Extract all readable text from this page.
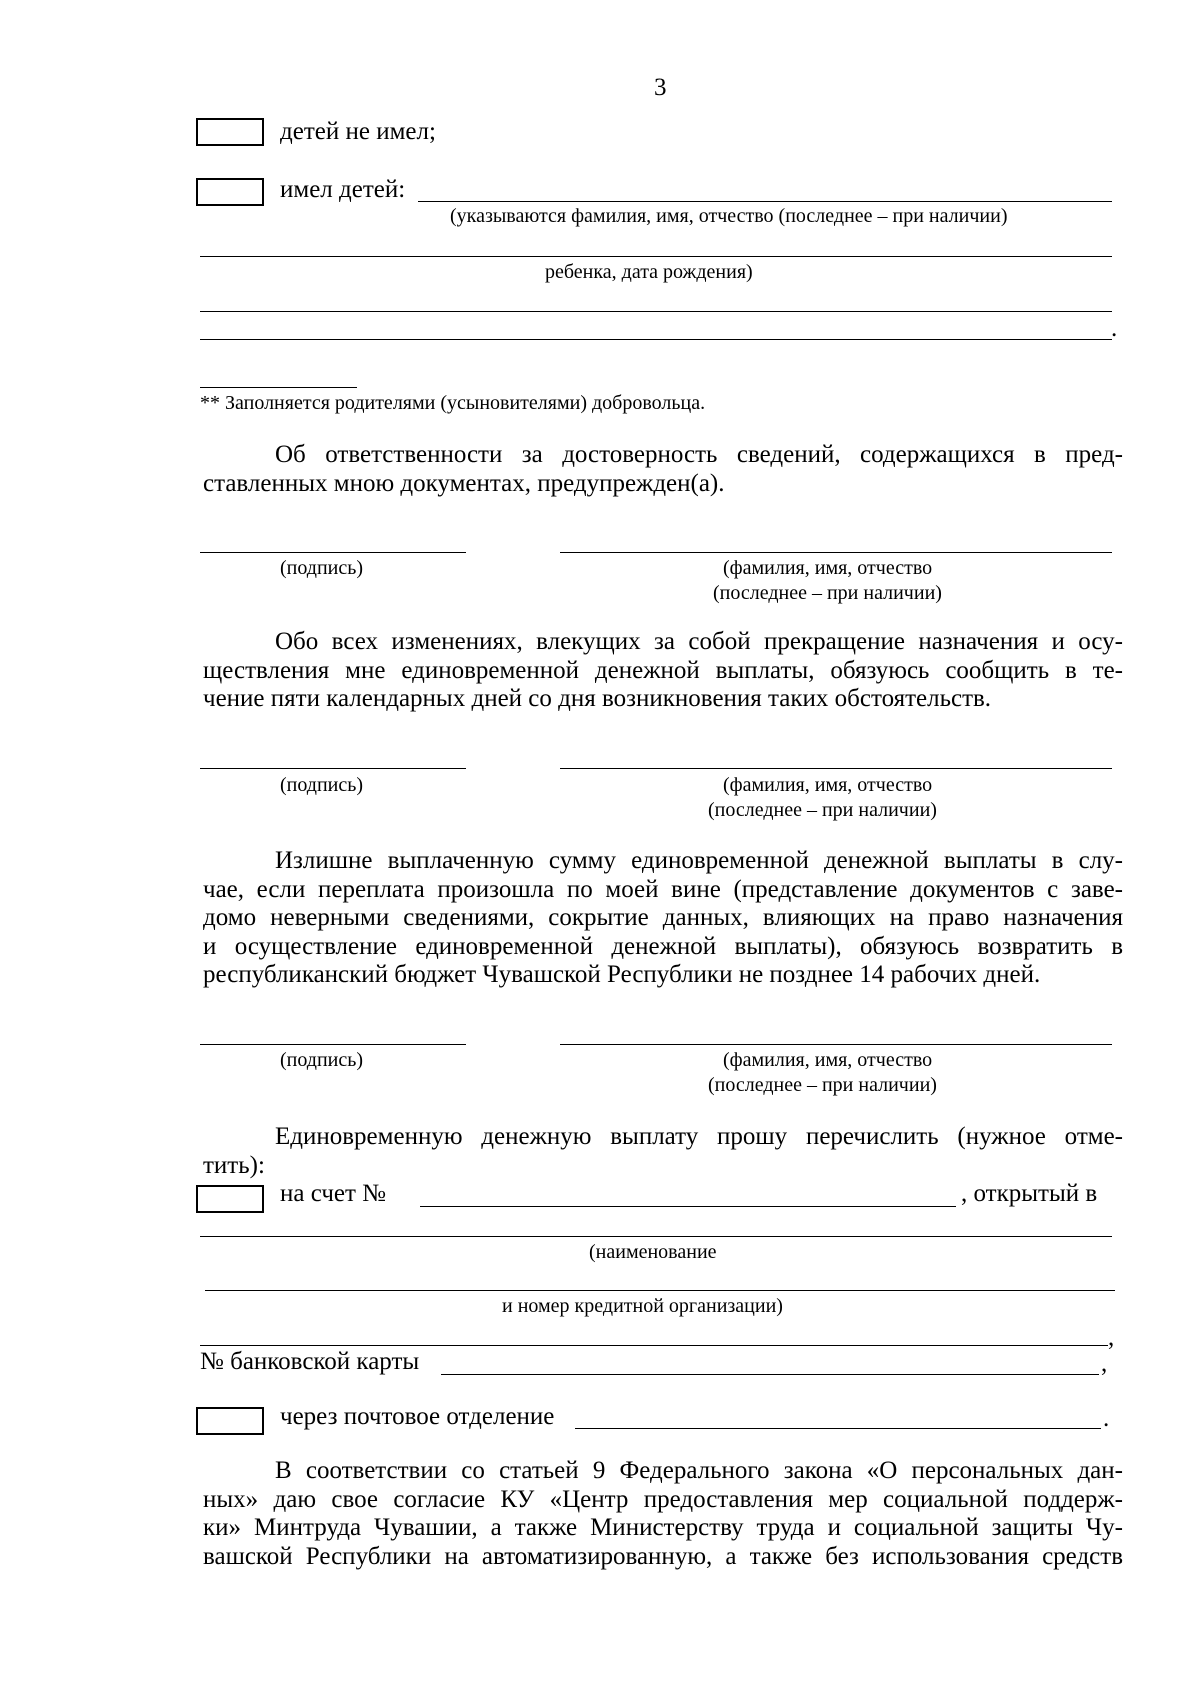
3
детей не имел;
имел детей:
(указываются фамилия, имя, отчество (последнее – при наличии)
ребенка, дата рождения)
.
** Заполняется родителями (усыновителями) добровольца.
Об ответственности за достоверность сведений, содержащихся в пред-
ставленных мною документах, предупрежден(а).
(подпись)	(фамилия, имя, отчество
(последнее – при наличии)
Обо всех изменениях, влекущих за собой прекращение назначения и осу-
ществления мне единовременной денежной выплаты, обязуюсь сообщить в те-
чение пяти календарных дней со дня возникновения таких обстоятельств.
(подпись)	(фамилия, имя, отчество
(последнее – при наличии)
Излишне выплаченную сумму единовременной денежной выплаты в слу-
чае, если переплата произошла по моей вине (представление документов с заве-
домо неверными сведениями, сокрытие данных, влияющих на право назначения
и осуществление единовременной денежной выплаты), обязуюсь возвратить в
республиканский бюджет Чувашской Республики не позднее 14 рабочих дней.
(подпись)	(фамилия, имя, отчество
(последнее – при наличии)
Единовременную денежную выплату прошу перечислить (нужное отме-
тить):
на счет №	, открытый в
(наименование
и номер кредитной организации)
,
№ банковской карты	,
через почтовое отделение	.
В соответствии со статьей 9 Федерального закона «О персональных дан-
ных» даю свое согласие КУ «Центр предоставления мер социальной поддерж-
ки» Минтруда Чувашии, а также Министерству труда и социальной защиты Чу-
вашской Республики на автоматизированную, а также без использования средств
